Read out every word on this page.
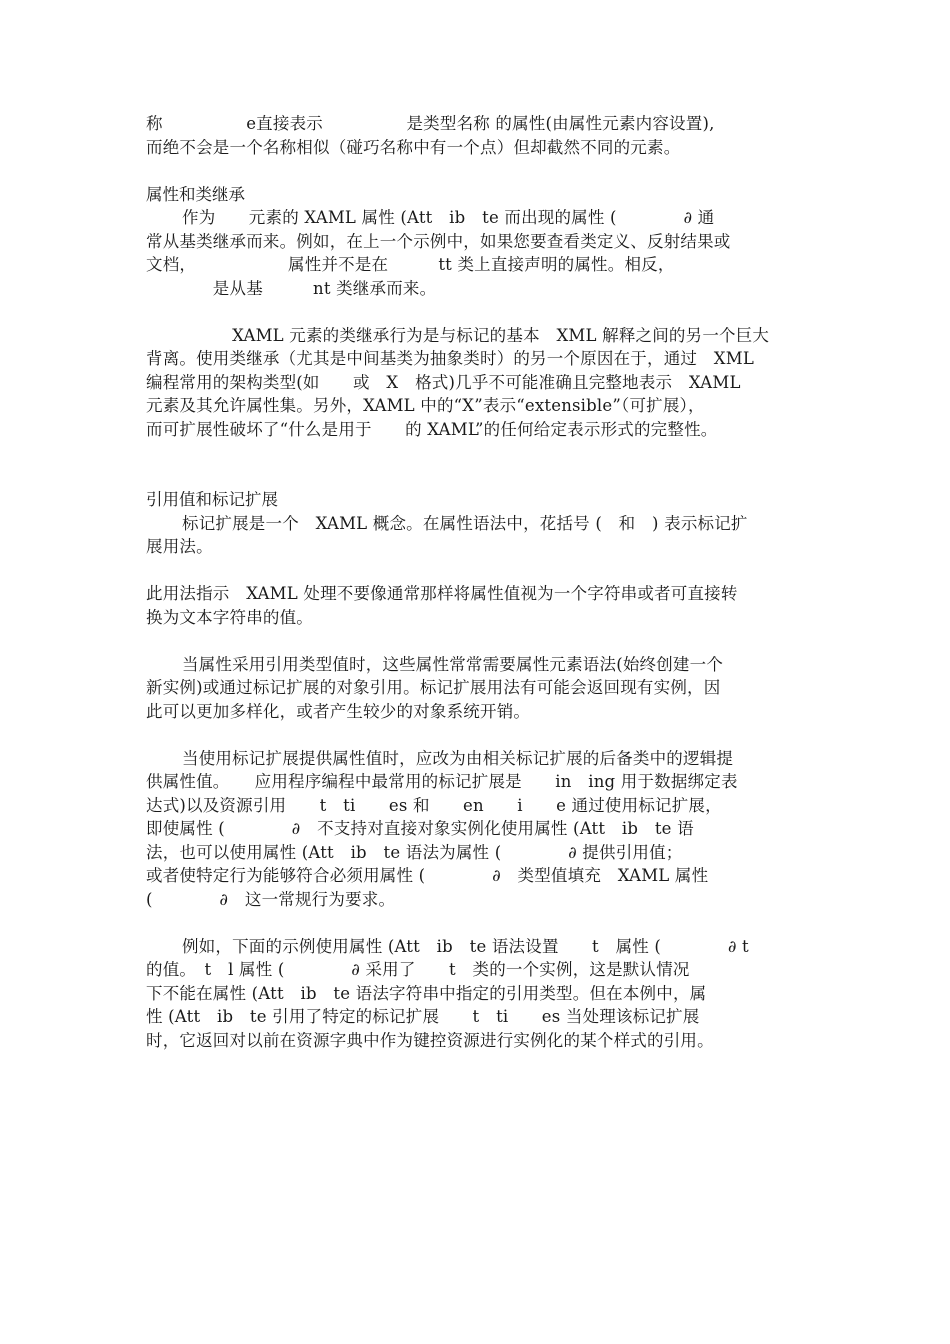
称　　　　　e直接表示　　　　　是类型名称 的属性(由属性元素内容设置),
而绝不会是一个名称相似（碰巧名称中有一个点）但却截然不同的元素。
属性和类继承
作为　　元素的 XAML 属性 (Att　ib　te 而出现的属性 (　　　　∂ 通
常从基类继承而来。例如，在上一个示例中，如果您要查看类定义、反射结果或
文档，　　　　　　属性并不是在　　　tt 类上直接声明的属性。相反，
　　　　是从基　　　nt 类继承而来。
　　　XAML 元素的类继承行为是与标记的基本　XML 解释之间的另一个巨大
背离。使用类继承（尤其是中间基类为抽象类时）的另一个原因在于，通过　XML
编程常用的架构类型(如　　或　X　格式)几乎不可能准确且完整地表示　XAML
元素及其允许属性集。另外，XAML 中的“X”表示“extensible”（可扩展），
而可扩展性破坏了“什么是用于　　的 XAML”的任何给定表示形式的完整性。
引用值和标记扩展
标记扩展是一个　XAML 概念。在属性语法中，花括号 (　和　) 表示标记扩
展用法。
此用法指示　XAML 处理不要像通常那样将属性值视为一个字符串或者可直接转
换为文本字符串的值。
当属性采用引用类型值时，这些属性常常需要属性元素语法(始终创建一个
新实例)或通过标记扩展的对象引用。标记扩展用法有可能会返回现有实例，因
此可以更加多样化，或者产生较少的对象系统开销。
当使用标记扩展提供属性值时，应改为由相关标记扩展的后备类中的逻辑提
供属性值。　　应用程序编程中最常用的标记扩展是　　in　ing 用于数据绑定表
达式)以及资源引用　　t　ti　　es 和　　en　　i　　e 通过使用标记扩展，
即使属性 (　　　　∂　不支持对直接对象实例化使用属性 (Att　ib　te 语
法，也可以使用属性 (Att　ib　te 语法为属性 (　　　　∂ 提供引用值；
或者使特定行为能够符合必须用属性 (　　　　∂　类型值填充　XAML 属性
(　　　　∂　这一常规行为要求。
例如，下面的示例使用属性 (Att　ib　te 语法设置　　t　属性 (　　　　∂ t
的值。　t　l 属性 (　　　　∂ 采用了　　t　类的一个实例，这是默认情况
下不能在属性 (Att　ib　te 语法字符串中指定的引用类型。但在本例中，属
性 (Att　ib　te 引用了特定的标记扩展　　t　ti　　es 当处理该标记扩展
时，它返回对以前在资源字典中作为键控资源进行实例化的某个样式的引用。
